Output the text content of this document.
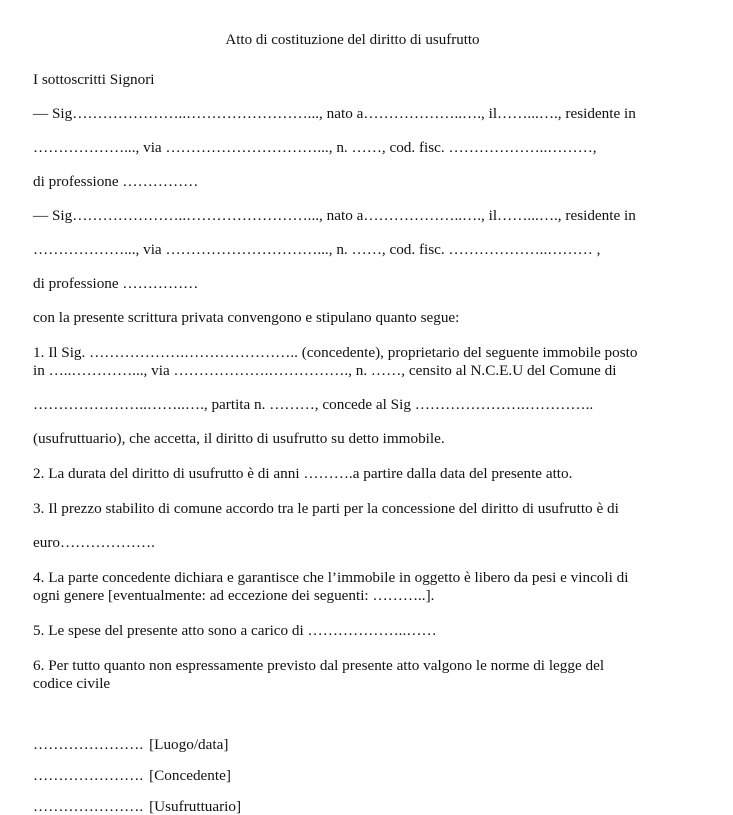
Atto di costituzione del diritto di usufrutto
I sottoscritti Signori
— Sig…………………..……………………..., nato a………………..…., il……...…., residente in
………………..., via …………………………..., n. ……, cod. fisc. ………………..………,
di professione ……………
— Sig…………………..……………………..., nato a………………..…., il……...…., residente in
………………..., via …………………………..., n. ……, cod. fisc. ………………..……… ,
di professione ……………
con la presente scrittura privata convengono e stipulano quanto segue:
1. Il Sig. ……………….………………….. (concedente), proprietario del seguente immobile posto
in …..…………..., via ……………….……………., n. ……, censito al N.C.E.U del Comune di
…………………..……..…., partita n. ………, concede al Sig ………………….…………..
(usufruttuario), che accetta, il diritto di usufrutto su detto immobile.
2. La durata del diritto di usufrutto è di anni ……….a partire dalla data del presente atto.
3. Il prezzo stabilito di comune accordo tra le parti per la concessione del diritto di usufrutto è di
euro……………….
4. La parte concedente dichiara e garantisce che l’immobile in oggetto è libero da pesi e vincoli di
ogni genere [eventualmente: ad eccezione dei seguenti: ………..].
5. Le spese del presente atto sono a carico di ………………..……
6. Per tutto quanto non espressamente previsto dal presente atto valgono le norme di legge del
codice civile
…………………. [Luogo/data]
…………………. [Concedente]
…………………. [Usufruttuario]
